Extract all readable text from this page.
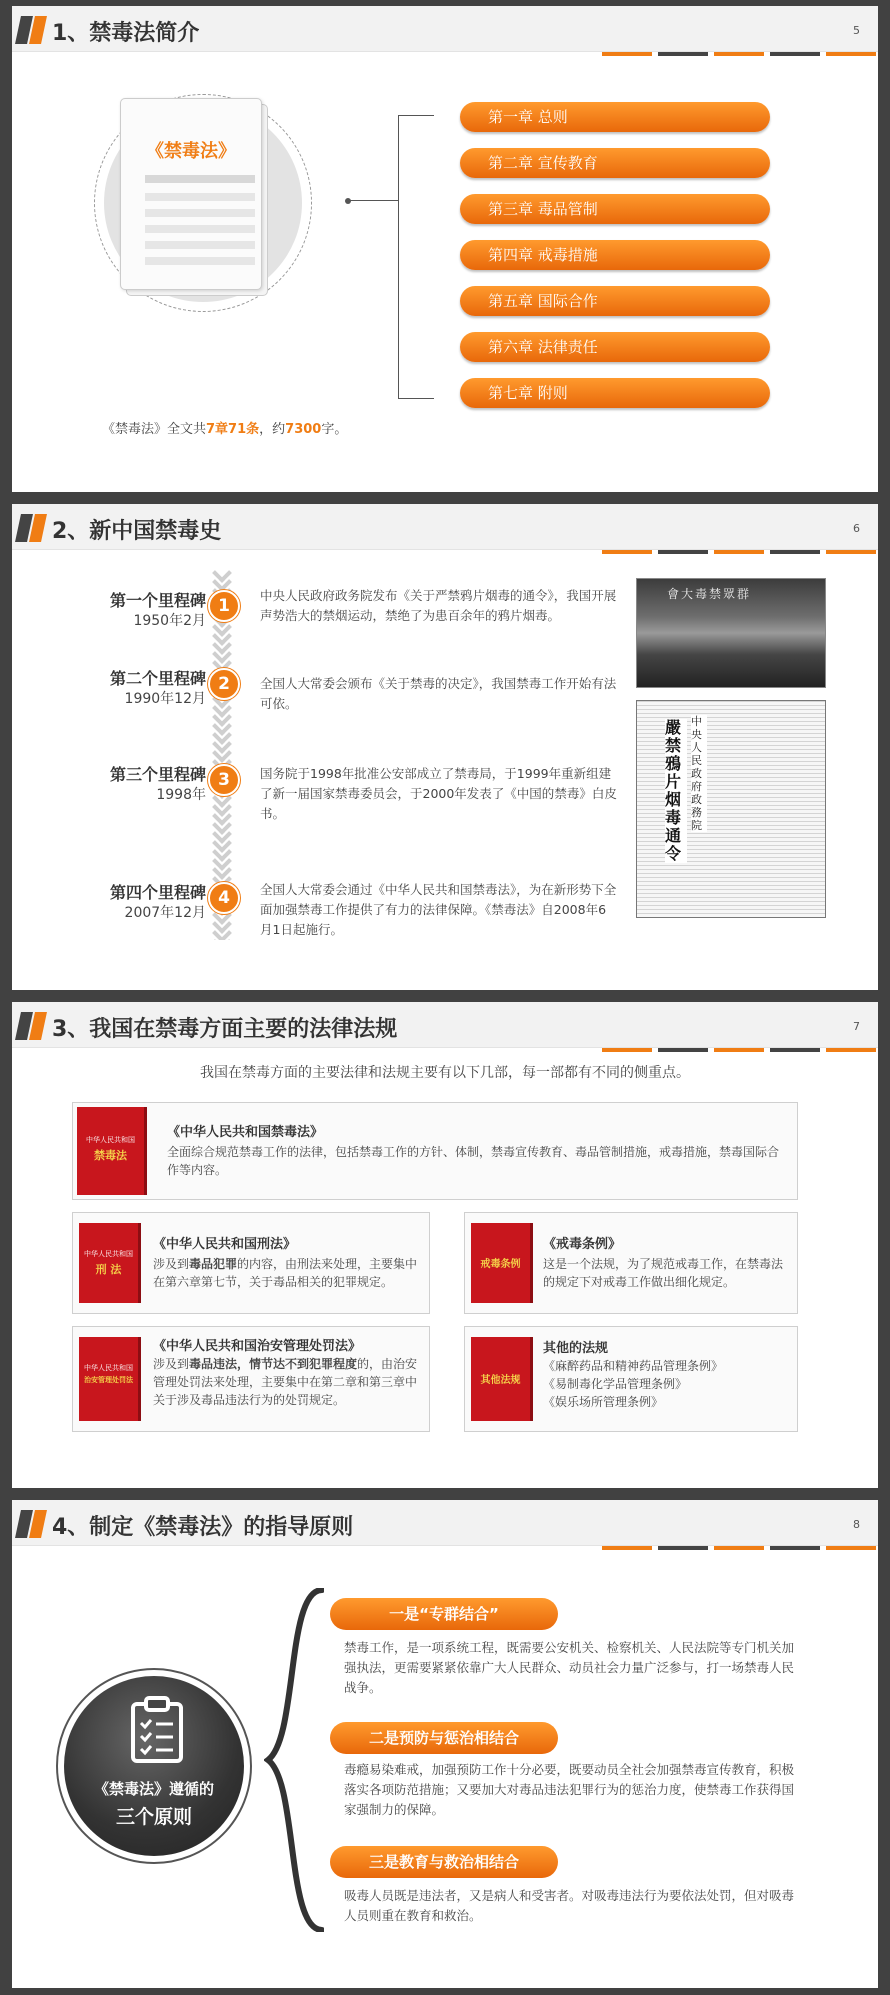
1、禁毒法简介	5
《禁毒法》
第一章 总则
第二章 宣传教育
第三章 毒品管制
第四章 戒毒措施
第五章 国际合作
第六章 法律责任
第七章 附则
《禁毒法》全文共7章71条，约7300字。
2、新中国禁毒史	6
第一个里程碑
1950年2月
1
中央人民政府政务院发布《关于严禁鸦片烟毒的通令》，我国开展声势浩大的禁烟运动，禁绝了为患百余年的鸦片烟毒。
第二个里程碑
1990年12月
2	全国人大常委会颁布《关于禁毒的决定》，我国禁毒工作开始有法可依。
第三个里程碑
1998年
3	国务院于1998年批准公安部成立了禁毒局，于1999年重新组建了新一届国家禁毒委员会，于2000年发表了《中国的禁毒》白皮书。
第四个里程碑
2007年12月
4	全国人大常委会通过《中华人民共和国禁毒法》，为在新形势下全面加强禁毒工作提供了有力的法律保障。《禁毒法》自2008年6月1日起施行。
會大毒禁眾群
嚴禁鴉片烟毒通令
中央人民政府政務院
3、我国在禁毒方面主要的法律法规	7
我国在禁毒方面的主要法律和法规主要有以下几部，每一部都有不同的侧重点。
中华人民共和国
禁毒法
《中华人民共和国禁毒法》
全面综合规范禁毒工作的法律，包括禁毒工作的方针、体制，禁毒宣传教育、毒品管制措施，戒毒措施，禁毒国际合作等内容。
中华人民共和国
刑 法
《中华人民共和国刑法》
涉及到毒品犯罪的内容，由刑法来处理，主要集中在第六章第七节，关于毒品相关的犯罪规定。
戒毒条例
《戒毒条例》
这是一个法规，为了规范戒毒工作，在禁毒法的规定下对戒毒工作做出细化规定。
中华人民共和国
治安管理处罚法
《中华人民共和国治安管理处罚法》
涉及到毒品违法，情节达不到犯罪程度的，由治安管理处罚法来处理，主要集中在第二章和第三章中关于涉及毒品违法行为的处罚规定。
其他法规
其他的法规
《麻醉药品和精神药品管理条例》
《易制毒化学品管理条例》
《娱乐场所管理条例》
4、制定《禁毒法》的指导原则	8
《禁毒法》遵循的
三个原则
一是“专群结合”
禁毒工作，是一项系统工程，既需要公安机关、检察机关、人民法院等专门机关加强执法，更需要紧紧依靠广大人民群众、动员社会力量广泛参与，打一场禁毒人民战争。
二是预防与惩治相结合
毒瘾易染难戒，加强预防工作十分必要，既要动员全社会加强禁毒宣传教育，积极落实各项防范措施；又要加大对毒品违法犯罪行为的惩治力度，使禁毒工作获得国家强制力的保障。
三是教育与救治相结合
吸毒人员既是违法者，又是病人和受害者。对吸毒违法行为要依法处罚，但对吸毒人员则重在教育和救治。
